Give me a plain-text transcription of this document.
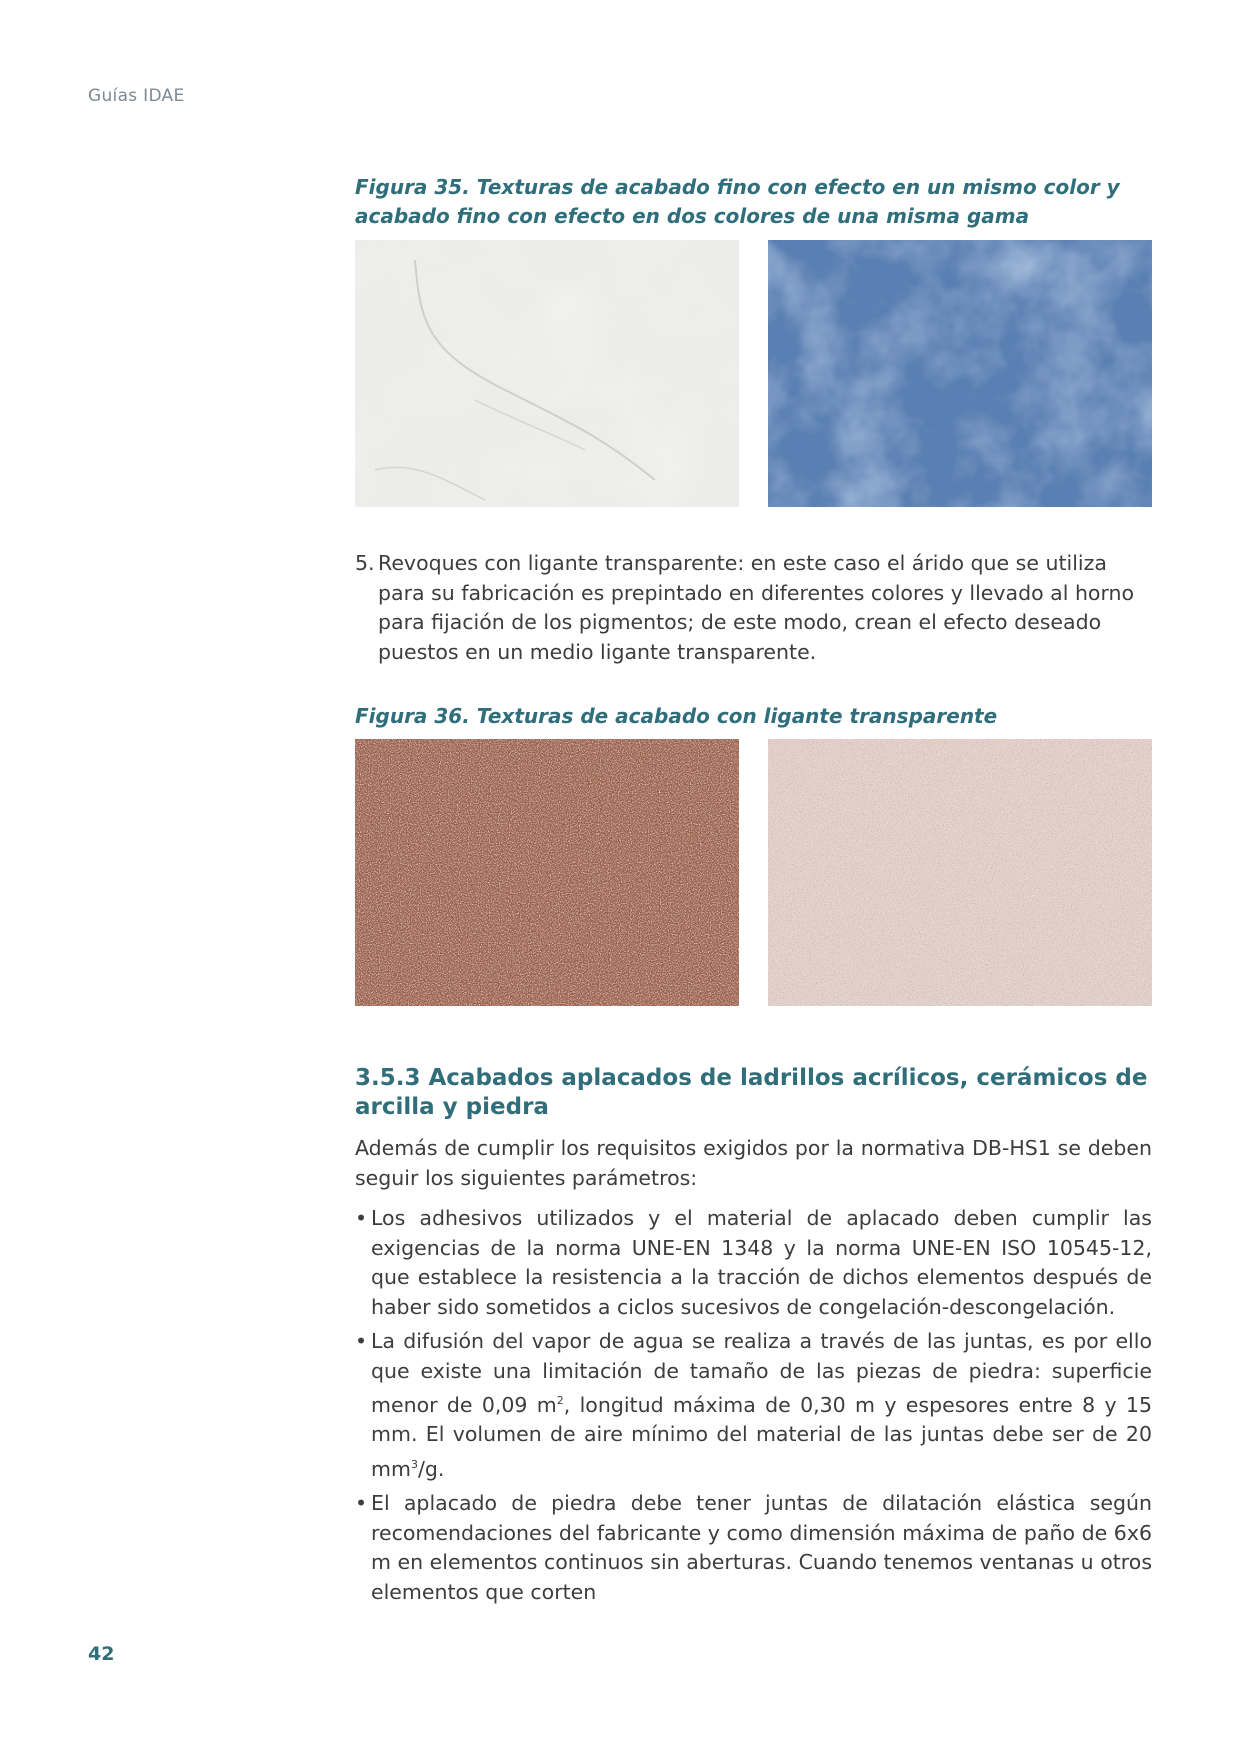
Guías IDAE
Figura 35. Texturas de acabado fino con efecto en un mismo color y acabado fino con efecto en dos colores de una misma gama
5. Revoques con ligante transparente: en este caso el árido que se utiliza para su fabricación es prepintado en diferentes colores y llevado al horno para fijación de los pigmentos; de este modo, crean el efecto deseado puestos en un medio ligante transparente.
Figura 36. Texturas de acabado con ligante transparente
3.5.3 Acabados aplacados de ladrillos acrílicos, cerámicos de arcilla y piedra
Además de cumplir los requisitos exigidos por la normativa DB-HS1 se deben seguir los siguientes parámetros:
• Los adhesivos utilizados y el material de aplacado deben cumplir las exigencias de la norma UNE-EN 1348 y la norma UNE-EN ISO 10545-12, que establece la resistencia a la tracción de dichos elementos después de haber sido sometidos a ciclos sucesivos de congelación-descongelación.
• La difusión del vapor de agua se realiza a través de las juntas, es por ello que existe una limitación de tamaño de las piezas de piedra: superficie menor de 0,09 $m^2$, longitud máxima de 0,30 m y espesores entre 8 y 15 mm. El volumen de aire mínimo del material de las juntas debe ser de 20 $mm^3/g$.
• El aplacado de piedra debe tener juntas de dilatación elástica según recomendaciones del fabricante y como dimensión máxima de paño de 6x6 m en elementos continuos sin aberturas. Cuando tenemos ventanas u otros elementos que corten
42
